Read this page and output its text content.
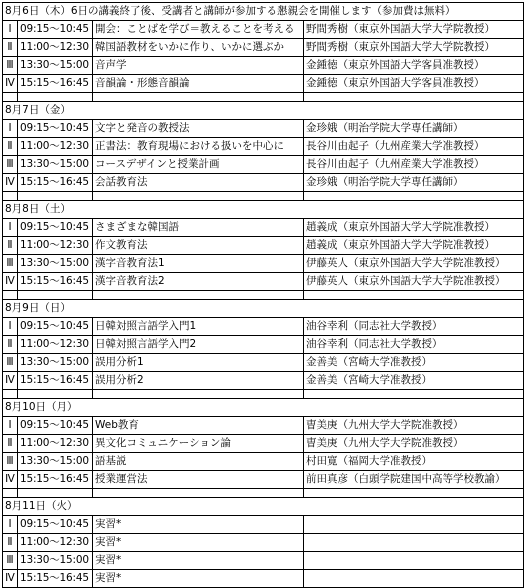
8月6日（木）6日の講義終了後、受講者と講師が参加する懇親会を開催します（参加費は無料）			
Ⅰ	09:15～10:45	開会：ことばを学び＝教えることを考える	野間秀樹（東京外国語大学大学院教授）
Ⅱ	11:00～12:30	韓国語教材をいかに作り、いかに選ぶか	野間秀樹（東京外国語大学大学院教授）
Ⅲ	13:30～15:00	音声学	金鍾徳（東京外国語大学客員准教授）
Ⅳ	15:15～16:45	音韻論・形態音韻論	金鍾徳（東京外国語大学客員准教授）

8月7日（金）			
Ⅰ	09:15～10:45	文字と発音の教授法	金珍娥（明治学院大学専任講師）
Ⅱ	11:00～12:30	正書法：教育現場における扱いを中心に	長谷川由起子（九州産業大学准教授）
Ⅲ	13:30～15:00	コースデザインと授業計画	長谷川由起子（九州産業大学准教授）
Ⅳ	15:15～16:45	会話教育法	金珍娥（明治学院大学専任講師）

8月8日（土）			
Ⅰ	09:15～10:45	さまざまな韓国語	趙義成（東京外国語大学大学院准教授）
Ⅱ	11:00～12:30	作文教育法	趙義成（東京外国語大学大学院准教授）
Ⅲ	13:30～15:00	漢字音教育法1	伊藤英人（東京外国語大学大学院准教授）
Ⅳ	15:15～16:45	漢字音教育法2	伊藤英人（東京外国語大学大学院准教授）

8月9日（日）			
Ⅰ	09:15～10:45	日韓対照言語学入門1	油谷幸利（同志社大学教授）
Ⅱ	11:00～12:30	日韓対照言語学入門2	油谷幸利（同志社大学教授）
Ⅲ	13:30～15:00	誤用分析1	金善美（宮崎大学准教授）
Ⅳ	15:15～16:45	誤用分析2	金善美（宮崎大学准教授）

8月10日（月）			
Ⅰ	09:15～10:45	Web教育	曺美庚（九州大学大学院准教授）
Ⅱ	11:00～12:30	異文化コミュニケーション論	曺美庚（九州大学大学院准教授）
Ⅲ	13:30～15:00	語基説	村田寛（福岡大学准教授）
Ⅳ	15:15～16:45	授業運営法	前田真彦（白頭学院建国中高等学校教諭）

8月11日（火）			
Ⅰ	09:15～10:45	実習*	
Ⅱ	11:00～12:30	実習*	
Ⅲ	13:30～15:00	実習*	
Ⅳ	15:15～16:45	実習*	
